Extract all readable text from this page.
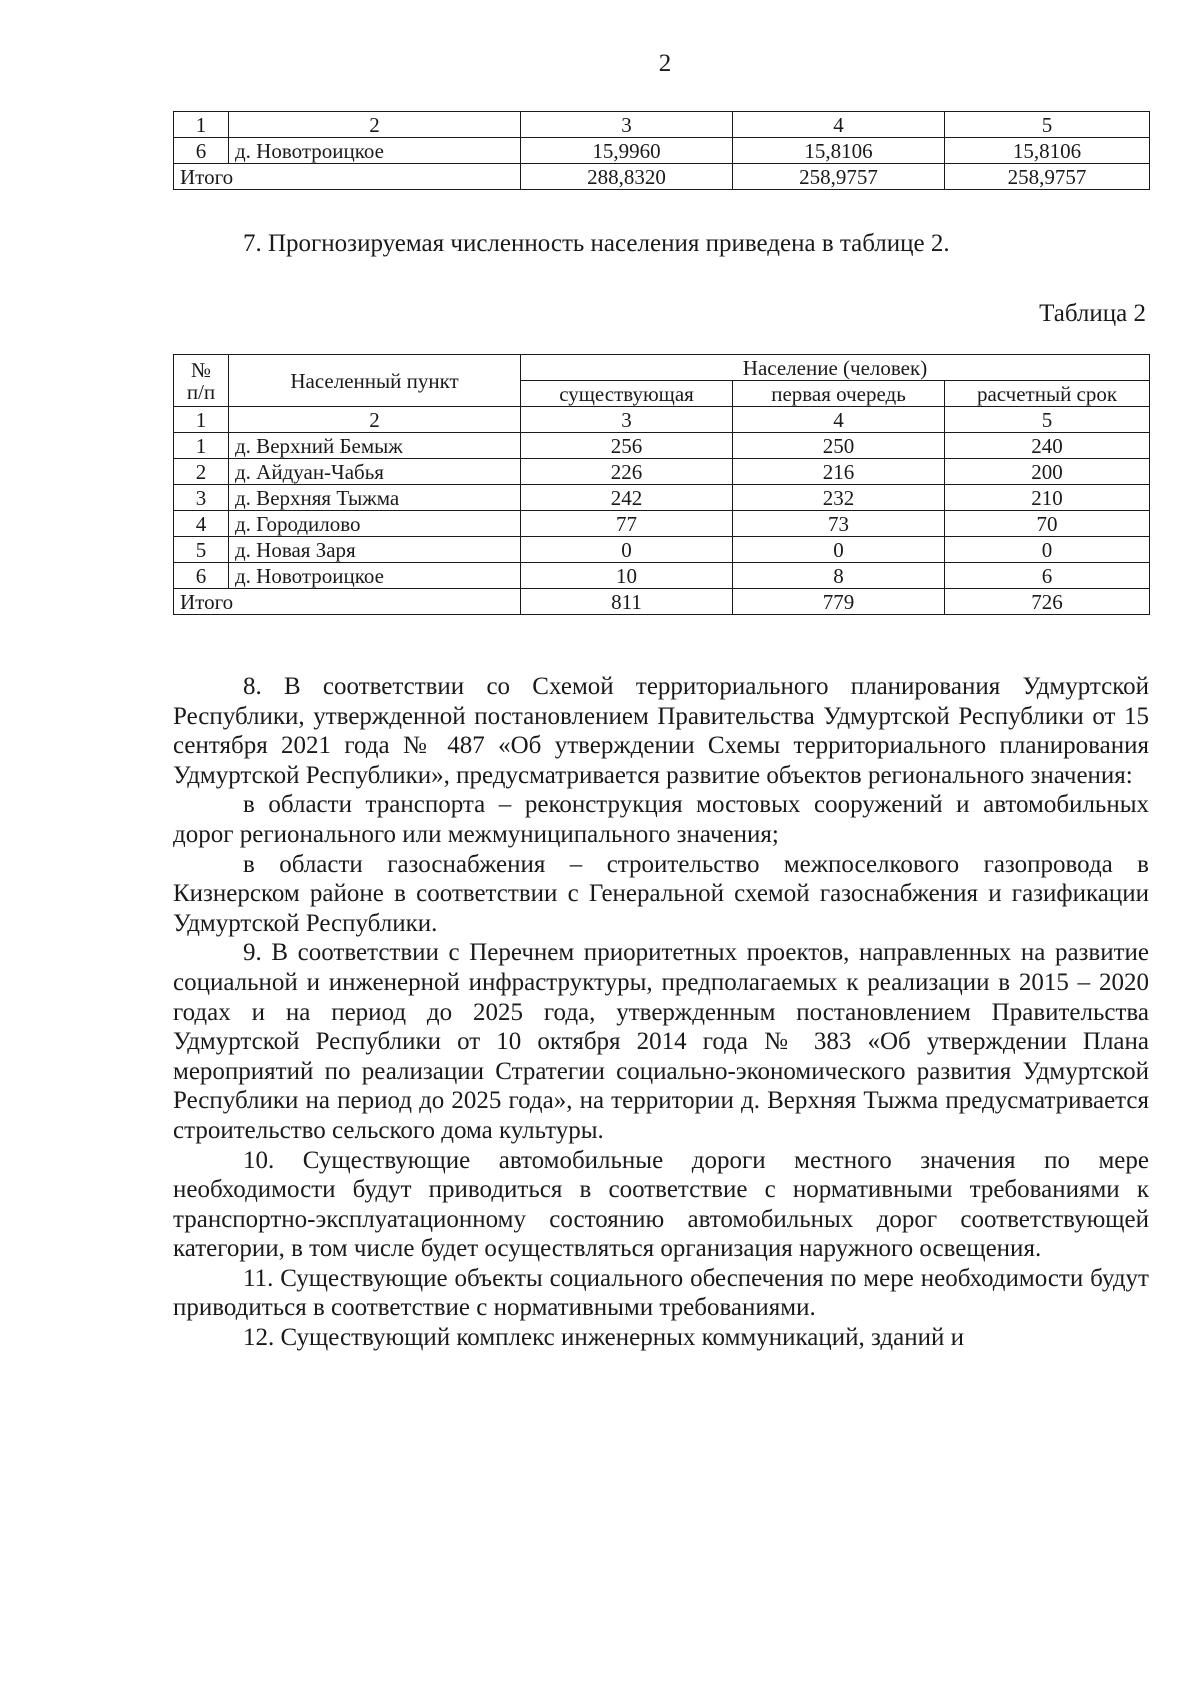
2
1	2	3	4	5
6	д. Новотроицкое	15,9960	15,8106	15,8106
Итого		288,8320	258,9757	258,9757
7. Прогнозируемая численность населения приведена в таблице 2.
Таблица 2
№ п/п	Населенный пункт	Население (человек)		
		существующая	первая очередь	расчетный срок
1	2	3	4	5
1	д. Верхний Бемыж	256	250	240
2	д. Айдуан-Чабья	226	216	200
3	д. Верхняя Тыжма	242	232	210
4	д. Городилово	77	73	70
5	д. Новая Заря	0	0	0
6	д. Новотроицкое	10	8	6
Итого		811	779	726

8. В соответствии со Схемой территориального планирования Удмуртской Республики, утвержденной постановлением Правительства Удмуртской Республики от 15 сентября 2021 года № 487 «Об утверждении Схемы территориального планирования Удмуртской Республики», предусматривается развитие объектов регионального значения:

в области транспорта – реконструкция мостовых сооружений и автомобильных дорог регионального или межмуниципального значения;

в области газоснабжения – строительство межпоселкового газопровода в Кизнерском районе в соответствии с Генеральной схемой газоснабжения и газификации Удмуртской Республики.

9. В соответствии с Перечнем приоритетных проектов, направленных на развитие социальной и инженерной инфраструктуры, предполагаемых к реализации в 2015 – 2020 годах и на период до 2025 года, утвержденным постановлением Правительства Удмуртской Республики от 10 октября 2014 года № 383 «Об утверждении Плана мероприятий по реализации Стратегии социально-экономического развития Удмуртской Республики на период до 2025 года», на территории д. Верхняя Тыжма предусматривается строительство сельского дома культуры.

10. Существующие автомобильные дороги местного значения по мере необходимости будут приводиться в соответствие с нормативными требованиями к транспортно-эксплуатационному состоянию автомобильных дорог соответствующей категории, в том числе будет осуществляться организация наружного освещения.

11. Существующие объекты социального обеспечения по мере необходимости будут приводиться в соответствие с нормативными требованиями.

12. Существующий комплекс инженерных коммуникаций, зданий и
